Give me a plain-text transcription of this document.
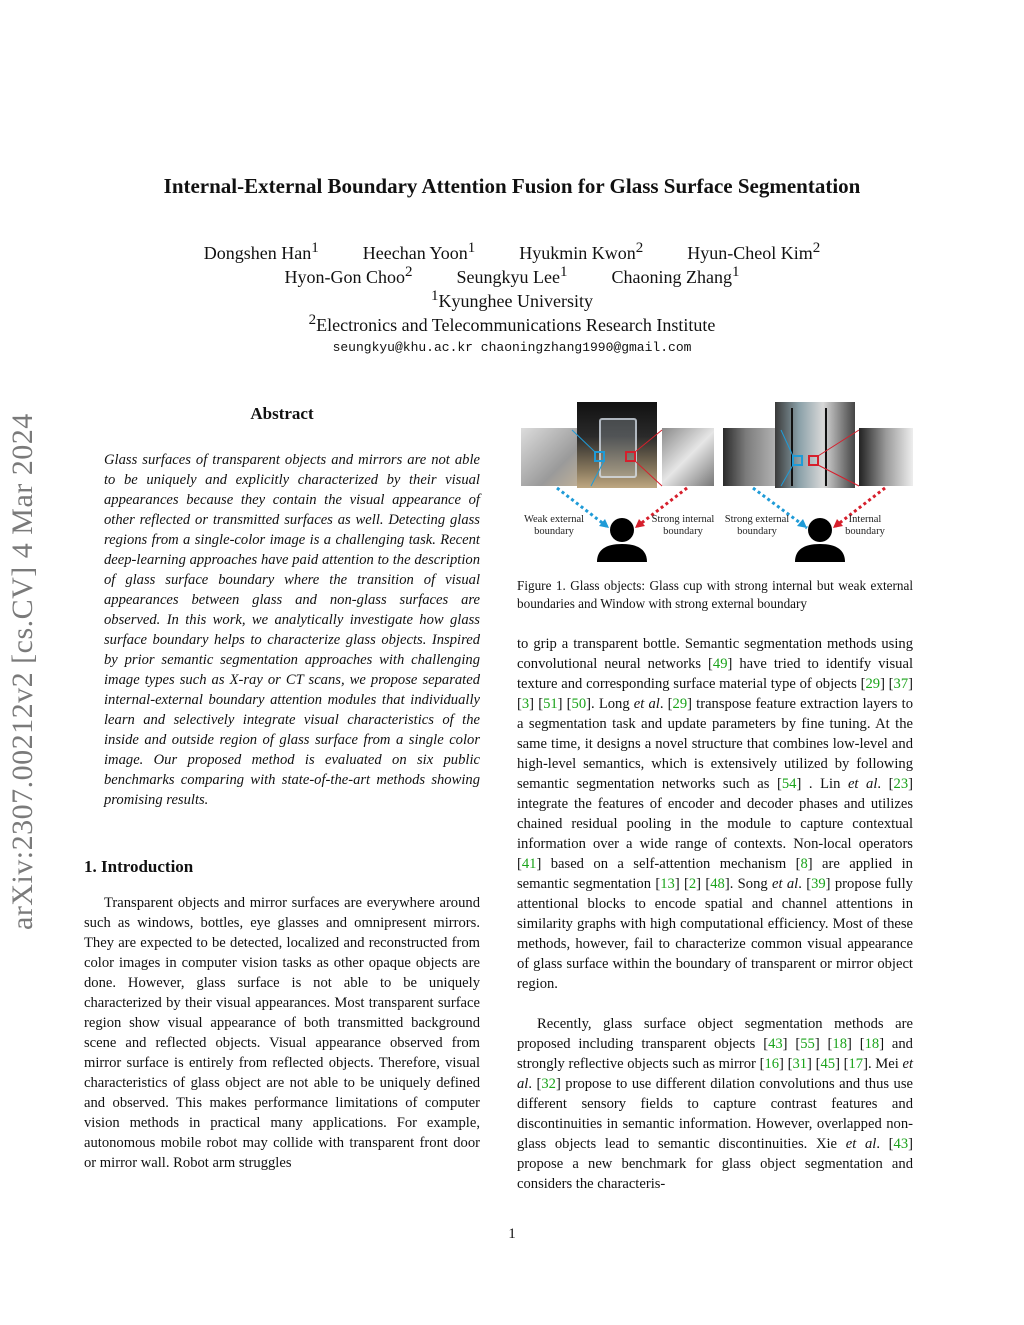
arXiv:2307.00212v2 [cs.CV] 4 Mar 2024
Internal-External Boundary Attention Fusion for Glass Surface Segmentation
Dongshen Han$^1$ Heechan Yoon$^1$ Hyukmin Kwon$^2$ Hyun-Cheol Kim$^2$
Hyon-Gon Choo$^2$ Seungkyu Lee$^1$ Chaoning Zhang$^1$
$^1$Kyunghee University
$^2$Electronics and Telecommunications Research Institute
seungkyu@khu.ac.kr chaoningzhang1990@gmail.com
Abstract
Glass surfaces of transparent objects and mirrors are not able to be uniquely and explicitly characterized by their visual appearances because they contain the visual appearance of other reflected or transmitted surfaces as well. Detecting glass regions from a single-color image is a challenging task. Recent deep-learning approaches have paid attention to the description of glass surface boundary where the transition of visual appearances between glass and non-glass surfaces are observed. In this work, we analytically investigate how glass surface boundary helps to characterize glass objects. Inspired by prior semantic segmentation approaches with challenging image types such as X-ray or CT scans, we propose separated internal-external boundary attention modules that individually learn and selectively integrate visual characteristics of the inside and outside region of glass surface from a single color image. Our proposed method is evaluated on six public benchmarks comparing with state-of-the-art methods showing promising results.
1. Introduction
Transparent objects and mirror surfaces are everywhere around such as windows, bottles, eye glasses and omnipresent mirrors. They are expected to be detected, localized and reconstructed from color images in computer vision tasks as other opaque objects are done. However, glass surface is not able to be uniquely characterized by their visual appearances. Most transparent surface region show visual appearance of both transmitted background scene and reflected objects. Visual appearance observed from mirror surface is entirely from reflected objects. Therefore, visual characteristics of glass object are not able to be uniquely defined and observed. This makes performance limitations of computer vision methods in practical many applications. For example, autonomous mobile robot may collide with transparent front door or mirror wall. Robot arm struggles
Weak external boundary
Strong internal boundary
Strong external boundary
Internal boundary
Figure 1. Glass objects: Glass cup with strong internal but weak external boundaries and Window with strong external boundary
to grip a transparent bottle. Semantic segmentation methods using convolutional neural networks [49] have tried to identify visual texture and corresponding surface material type of objects [29] [37] [3] [51] [50]. Long et al. [29] transpose feature extraction layers to a segmentation task and update parameters by fine tuning. At the same time, it designs a novel structure that combines low-level and high-level semantics, which is extensively utilized by following semantic segmentation networks such as [54] . Lin et al. [23] integrate the features of encoder and decoder phases and utilizes chained residual pooling in the module to capture contextual information over a wide range of contexts. Non-local operators [41] based on a self-attention mechanism [8] are applied in semantic segmentation [13] [2] [48]. Song et al. [39] propose fully attentional blocks to encode spatial and channel attentions in similarity graphs with high computational efficiency. Most of these methods, however, fail to characterize common visual appearance of glass surface within the boundary of transparent or mirror object region.
Recently, glass surface object segmentation methods are proposed including transparent objects [43] [55] [18] [18] and strongly reflective objects such as mirror [16] [31] [45] [17]. Mei et al. [32] propose to use different dilation convolutions and thus use different sensory fields to capture contrast features and discontinuities in semantic information. However, overlapped non-glass objects lead to semantic discontinuities. Xie et al. [43] propose a new benchmark for glass object segmentation and considers the characteris-
1
